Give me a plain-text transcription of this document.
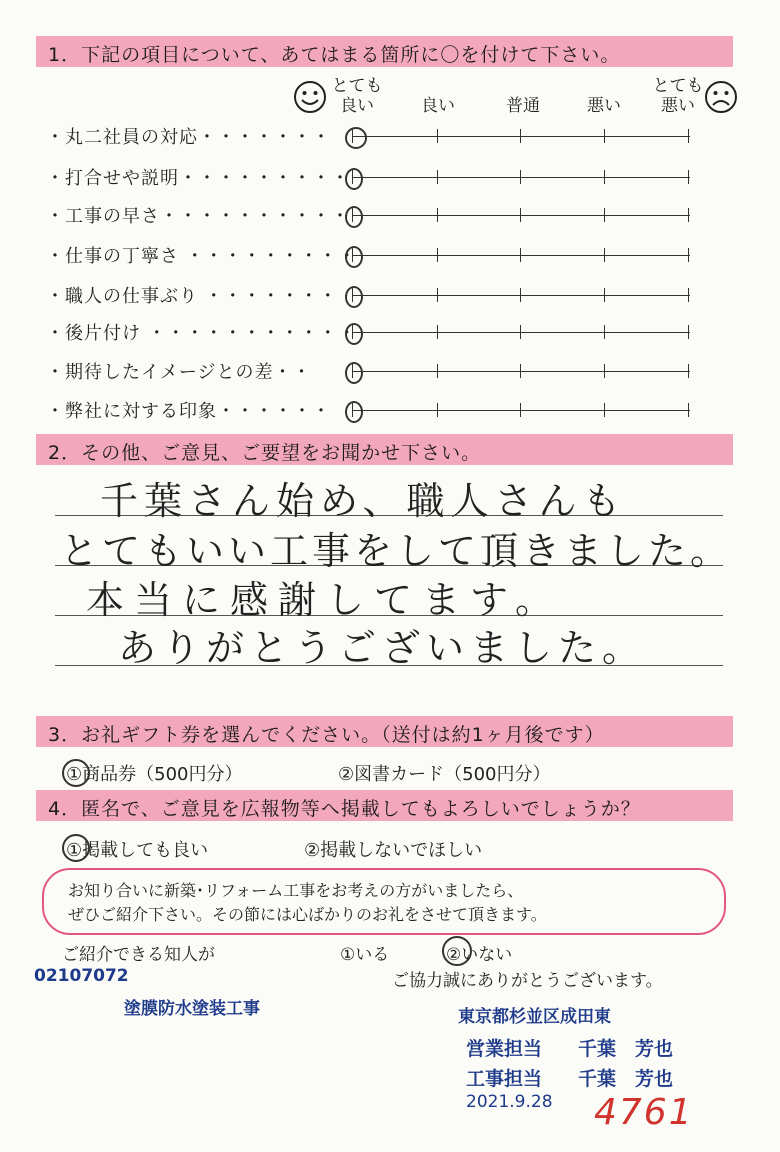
1．下記の項目について、あてはまる箇所に〇を付けて下さい。
とても
良い	良い	普通	悪い
とても
悪い
・丸二社員の対応・・・・・・・
・打合せや説明・・・・・・・・・
・工事の早さ・・・・・・・・・・
・仕事の丁寧さ ・・・・・・・・・
・職人の仕事ぶり ・・・・・・・
・後片付け ・・・・・・・・・・・
・期待したイメージとの差・・
・弊社に対する印象・・・・・・
2．その他、ご意見、ご要望をお聞かせ下さい。
千葉さん始め、職人さんも
とてもいい工事をして頂きました。
本当に感謝してます。
ありがとうございました。
3．お礼ギフト券を選んでください。（送付は約1ヶ月後です）
①商品券（500円分）	②図書カード（500円分）
4．匿名で、ご意見を広報物等へ掲載してもよろしいでしょうか？
①掲載しても良い	②掲載しないでほしい
お知り合いに新築･リフォーム工事をお考えの方がいましたら、
ぜひご紹介下さい。その節には心ばかりのお礼をさせて頂きます。
ご紹介できる知人が	①いる	②いない
ご協力誠にありがとうございます。
02107072
塗膜防水塗装工事	東京都杉並区成田東
営業担当 千葉　芳也
工事担当 千葉　芳也
2021.9.28 4761
